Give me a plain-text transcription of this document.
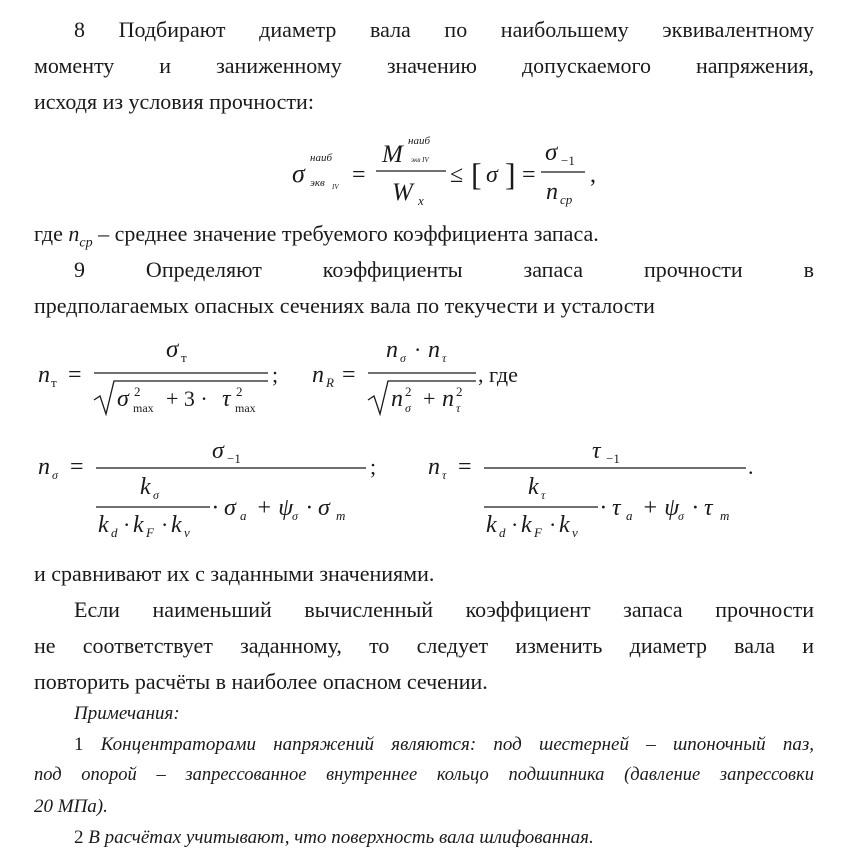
8 Подбирают диаметр вала по наибольшему эквивалентному
моменту и заниженному значению допускаемого напряжения,
исходя из условия прочности:
σ
наиб
экв IV =
M наиб
экв IV
W x
≤ [ σ ] =
σ −1
n ср
,
n т =
σ т
σ 2
max + 3 · τ 2
max
; n R =
n σ · n τ
n 2
σ + n 2
τ
, где
n σ =
σ −1
k σ
k d · k F · k v
· σ a + ψ
σ · σ m
; n τ =
τ −1
k τ
k d · k F · k v
· τ a + ψ
σ · τ m
.
где $n_{ср}$ – среднее значение требуемого коэффициента запаса.
9 Определяют коэффициенты запаса прочности в
предполагаемых опасных сечениях вала по текучести и усталости
и сравнивают их с заданными значениями.
Если наименьший вычисленный коэффициент запаса прочности
не соответствует заданному, то следует изменить диаметр вала и
повторить расчёты в наиболее опасном сечении.
Примечания:
1 Концентраторами напряжений являются: под шестерней – шпоночный паз,
под опорой – запрессованное внутреннее кольцо подшипника (давление запрессовки
20 МПа).
2 В расчётах учитывают, что поверхность вала шлифованная.
